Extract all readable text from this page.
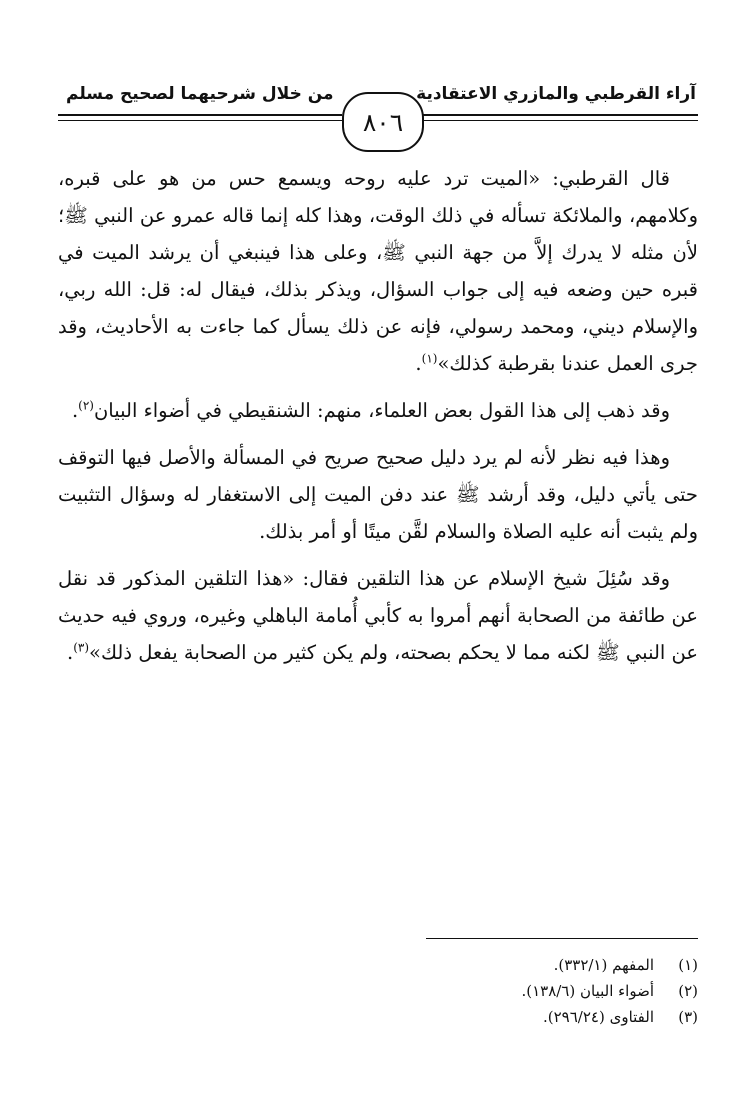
آراء القرطبي والمازري الاعتقادية
من خلال شرحيهما لصحيح مسلم
٨٠٦

قال القرطبي: «الميت ترد عليه روحه ويسمع حس من هو على قبره، وكلامهم، والملائكة تسأله في ذلك الوقت، وهذا كله إنما قاله عمرو عن النبي ﷺ؛ لأن مثله لا يدرك إلاَّ من جهة النبي ﷺ، وعلى هذا فينبغي أن يرشد الميت في قبره حين وضعه فيه إلى جواب السؤال، ويذكر بذلك، فيقال له: قل: الله ربي، والإسلام ديني، ومحمد رسولي، فإنه عن ذلك يسأل كما جاءت به الأحاديث، وقد جرى العمل عندنا بقرطبة كذلك»$^{(١)}$.

وقد ذهب إلى هذا القول بعض العلماء، منهم: الشنقيطي في أضواء البيان$^{(٢)}$.

وهذا فيه نظر لأنه لم يرد دليل صحيح صريح في المسألة والأصل فيها التوقف حتى يأتي دليل، وقد أرشد ﷺ عند دفن الميت إلى الاستغفار له وسؤال التثبيت ولم يثبت أنه عليه الصلاة والسلام لقَّن ميتًا أو أمر بذلك.

وقد سُئِلَ شيخ الإسلام عن هذا التلقين فقال: «هذا التلقين المذكور قد نقل عن طائفة من الصحابة أنهم أمروا به كأبي أُمامة الباهلي وغيره، وروي فيه حديث عن النبي ﷺ لكنه مما لا يحكم بصحته، ولم يكن كثير من الصحابة يفعل ذلك»$^{(٣)}$.

(١)المفهم (٣٣٢/١).
(٢)أضواء البيان (١٣٨/٦).
(٣)الفتاوى (٢٩٦/٢٤).
